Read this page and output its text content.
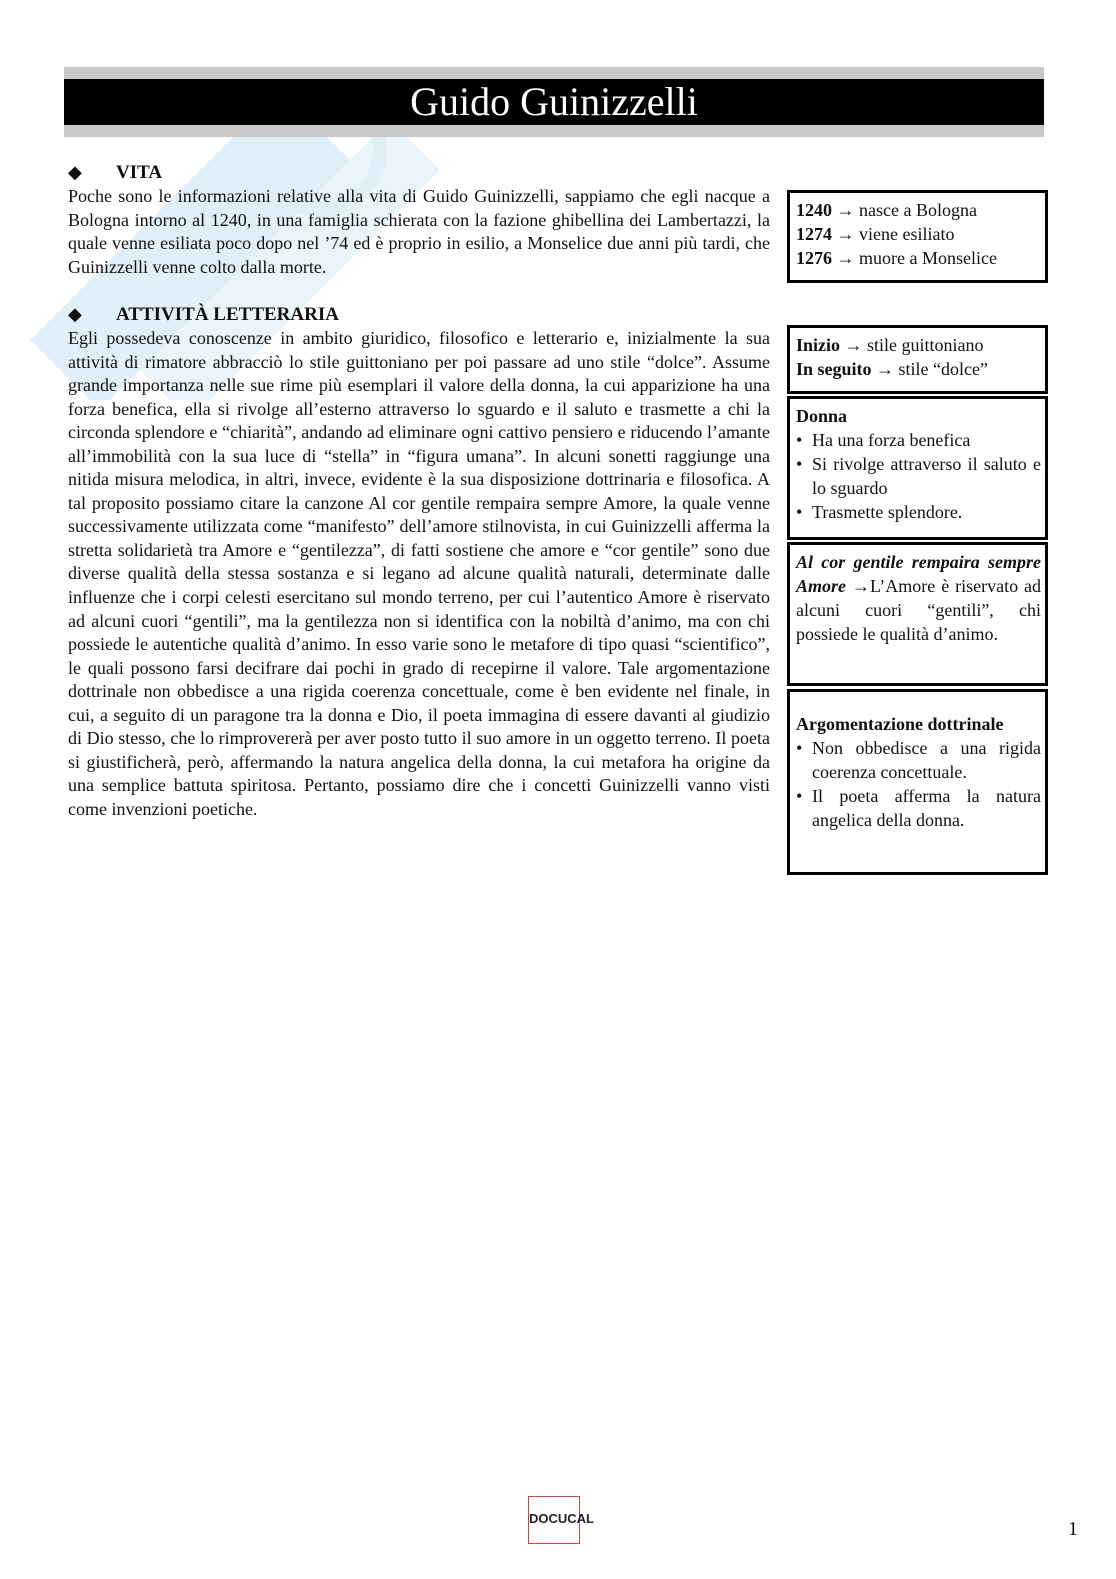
Guido Guinizzelli
◆ VITA

Poche sono le informazioni relative alla vita di Guido Guinizzelli, sappiamo che egli nacque a Bologna intorno al 1240, in una famiglia schierata con la fazione ghibellina dei Lambertazzi, la quale venne esiliata poco dopo nel ’74 ed è proprio in esilio, a Monselice due anni più tardi, che Guinizzelli venne colto dalla morte.

◆ ATTIVITÀ LETTERARIA

Egli possedeva conoscenze in ambito giuridico, filosofico e letterario e, inizialmente la sua attività di rimatore abbracciò lo stile guittoniano per poi passare ad uno stile “dolce”. Assume grande importanza nelle sue rime più esemplari il valore della donna, la cui apparizione ha una forza benefica, ella si rivolge all’esterno attraverso lo sguardo e il saluto e trasmette a chi la circonda splendore e “chiarità”, andando ad eliminare ogni cattivo pensiero e riducendo l’amante all’immobilità con la sua luce di “stella” in “figura umana”. In alcuni sonetti raggiunge una nitida misura melodica, in altri, invece, evidente è la sua disposizione dottrinaria e filosofica. A tal proposito possiamo citare la canzone Al cor gentile rempaira sempre Amore, la quale venne successivamente utilizzata come “manifesto” dell’amore stilnovista, in cui Guinizzelli afferma la stretta solidarietà tra Amore e “gentilezza”, di fatti sostiene che amore e “cor gentile” sono due diverse qualità della stessa sostanza e si legano ad alcune qualità naturali, determinate dalle influenze che i corpi celesti esercitano sul mondo terreno, per cui l’autentico Amore è riservato ad alcuni cuori “gentili”, ma la gentilezza non si identifica con la nobiltà d’animo, ma con chi possiede le autentiche qualità d’animo. In esso varie sono le metafore di tipo quasi “scientifico”, le quali possono farsi decifrare dai pochi in grado di recepirne il valore. Tale argomentazione dottrinale non obbedisce a una rigida coerenza concettuale, come è ben evidente nel finale, in cui, a seguito di un paragone tra la donna e Dio, il poeta immagina di essere davanti al giudizio di Dio stesso, che lo rimprovererà per aver posto tutto il suo amore in un oggetto terreno. Il poeta si giustificherà, però, affermando la natura angelica della donna, la cui metafora ha origine da una semplice battuta spiritosa. Pertanto, possiamo dire che i concetti Guinizzelli vanno visti come invenzioni poetiche.

1240 → nasce a Bologna

1274 → viene esiliato

1276 → muore a Monselice

Inizio → stile guittoniano

In seguito → stile “dolce”

Donna

• Ha una forza benefica
• Si rivolge attraverso il saluto e lo sguardo
• Trasmette splendore.

Al cor gentile rempaira sempre Amore →L’Amore è riservato ad alcuni cuori “gentili”, chi possiede le qualità d’animo.

Argomentazione dottrinale

• Non obbedisce a una rigida coerenza concettuale.
• Il poeta afferma la natura angelica della donna.
DOCUCAL	1
